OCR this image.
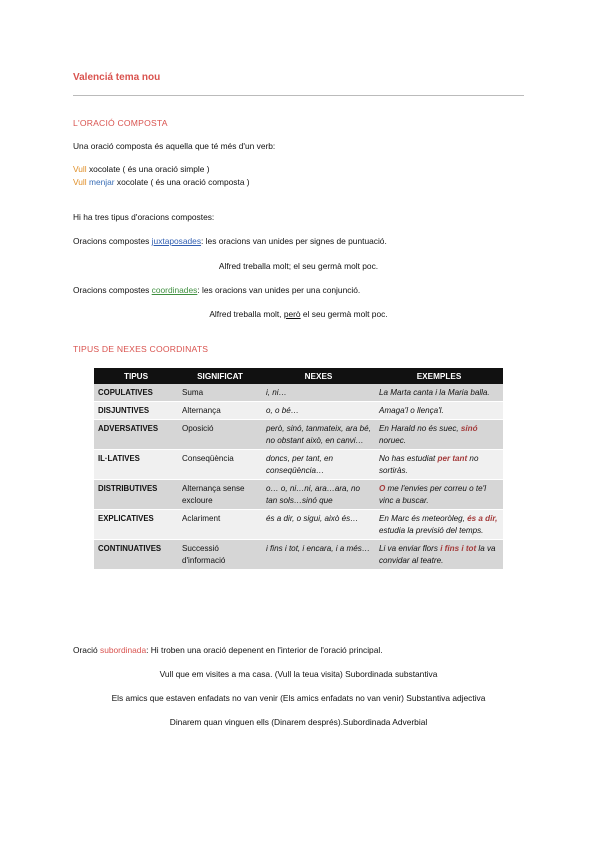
Valenciá tema nou
L'ORACIÓ COMPOSTA
Una oració composta és aquella que té més d'un verb:
Vull xocolate ( és una oració simple )
Vull menjar xocolate ( és una oració composta )
Hi ha tres tipus d'oracions compostes:
Oracions compostes juxtaposades: les oracions van unides per signes de puntuació.
Alfred treballa molt; el seu germà molt poc.
Oracions compostes coordinades: les oracions van unides per una conjunció.
Alfred treballa molt, però el seu germà molt poc.
TIPUS DE NEXES COORDINATS
TIPUS	SIGNIFICAT	NEXES	EXEMPLES
COPULATIVES	Suma	i, ni…	La Marta canta i la Maria balla.
DISJUNTIVES	Alternança	o, o bé…	Amaga'l o llença'l.
ADVERSATIVES	Oposició	però, sinó, tanmateix, ara bé, no obstant això, en canvi…	En Harald no és suec, sinó noruec.
IL·LATIVES	Conseqüència	doncs, per tant, en conseqüència…	No has estudiat per tant no sortiràs.
DISTRIBUTIVES	Alternança sense excloure	o… o, ni…ni, ara…ara, no tan sols…sinó que	O me l'envies per correu o te'l vinc a buscar.
EXPLICATIVES	Aclariment	és a dir, o sigui, això és…	En Marc és meteoròleg, és a dir, estudia la previsió del temps.
CONTINUATIVES	Successió d'informació	i fins i tot, i encara, i a més…	Li va enviar flors i fins i tot la va convidar al teatre.
Oració subordinada: Hi troben una oració depenent en l'interior de l'oració principal.
Vull que em visites a ma casa. (Vull la teua visita) Subordinada substantiva
Els amics que estaven enfadats no van venir (Els amics enfadats no van venir) Substantiva adjectiva
Dinarem quan vinguen ells (Dinarem després).Subordinada Adverbial
